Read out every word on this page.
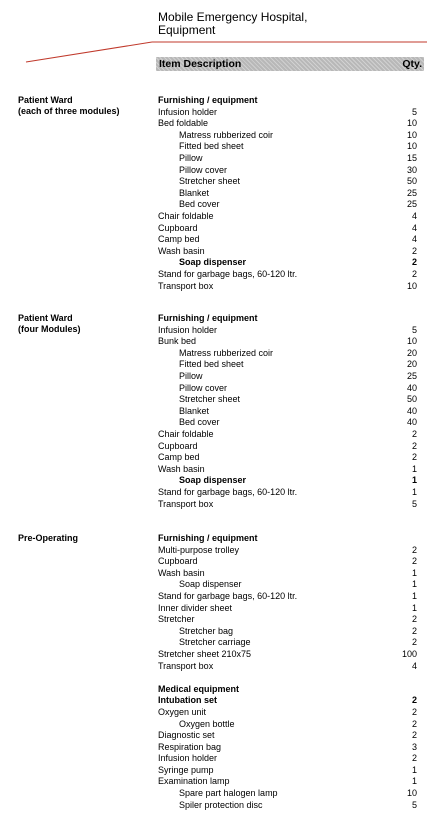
Mobile Emergency Hospital,
Equipment
Item Description	Qty.
Patient Ward
(each of three modules)
Furnishing / equipment
Infusion holder	5
Bed foldable	10
Matress rubberized coir	10
Fitted bed sheet	10
Pillow	15
Pillow cover	30
Stretcher sheet	50
Blanket	25
Bed cover	25
Chair foldable	4
Cupboard	4
Camp bed	4
Wash basin	2
Soap dispenser	2
Stand for garbage bags, 60-120 ltr.	2
Transport box	10
Patient Ward
(four Modules)
Furnishing / equipment
Infusion holder	5
Bunk bed	10
Matress rubberized coir	20
Fitted bed sheet	20
Pillow	25
Pillow cover	40
Stretcher sheet	50
Blanket	40
Bed cover	40
Chair foldable	2
Cupboard	2
Camp bed	2
Wash basin	1
Soap dispenser	1
Stand for garbage bags, 60-120 ltr.	1
Transport box	5
Pre-Operating	Furnishing / equipment
Multi-purpose trolley	2
Cupboard	2
Wash basin	1
Soap dispenser	1
Stand for garbage bags, 60-120 ltr.	1
Inner divider sheet	1
Stretcher	2
Stretcher bag	2
Stretcher carriage	2
Stretcher sheet 210x75	100
Transport box	4
Medical equipment
Intubation set	2
Oxygen unit	2
Oxygen bottle	2
Diagnostic set	2
Respiration bag	3
Infusion holder	2
Syringe pump	1
Examination lamp	1
Spare part halogen lamp	10
Spiler protection disc	5
